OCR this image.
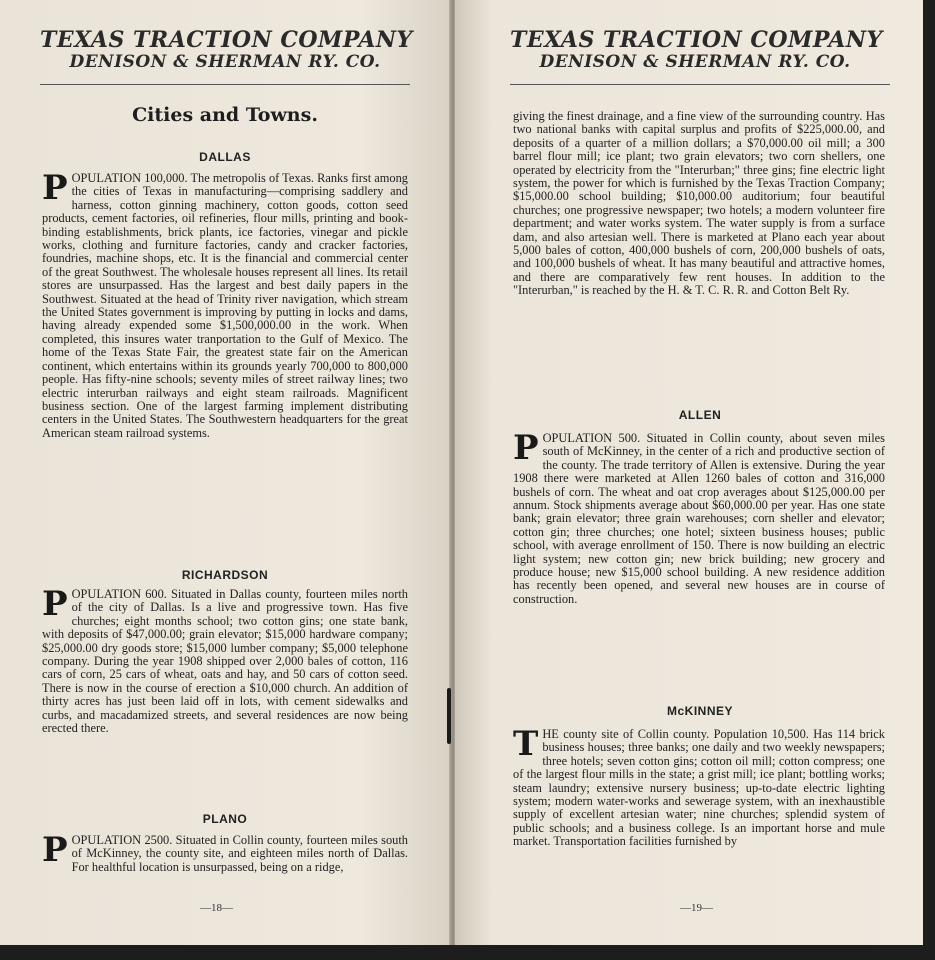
TEXAS TRACTION COMPANY
DENISON & SHERMAN RY. CO.
Cities and Towns.
DALLAS
POPULATION 100,000. The metropolis of Texas. Ranks first among the cities of Texas in manufacturing—comprising saddlery and harness, cotton ginning machinery, cotton goods, cotton seed products, cement factories, oil refineries, flour mills, printing and book-binding establishments, brick plants, ice factories, vinegar and pickle works, clothing and furniture factories, candy and cracker factories, foundries, machine shops, etc. It is the financial and commercial center of the great Southwest. The wholesale houses represent all lines. Its retail stores are unsurpassed. Has the largest and best daily papers in the Southwest. Situated at the head of Trinity river navigation, which stream the United States government is improving by putting in locks and dams, having already expended some $1,500,000.00 in the work. When completed, this insures water tranportation to the Gulf of Mexico. The home of the Texas State Fair, the greatest state fair on the American continent, which entertains within its grounds yearly 700,000 to 800,000 people. Has fifty-nine schools; seventy miles of street railway lines; two electric interurban railways and eight steam railroads. Magnificent business section. One of the largest farming implement distributing centers in the United States. The Southwestern headquarters for the great American steam railroad systems.
RICHARDSON
POPULATION 600. Situated in Dallas county, fourteen miles north of the city of Dallas. Is a live and progressive town. Has five churches; eight months school; two cotton gins; one state bank, with deposits of $47,000.00; grain elevator; $15,000 hardware company; $25,000.00 dry goods store; $15,000 lumber company; $5,000 telephone company. During the year 1908 shipped over 2,000 bales of cotton, 116 cars of corn, 25 cars of wheat, oats and hay, and 50 cars of cotton seed. There is now in the course of erection a $10,000 church. An addition of thirty acres has just been laid off in lots, with cement sidewalks and curbs, and macadamized streets, and several residences are now being erected there.
PLANO
POPULATION 2500. Situated in Collin county, fourteen miles south of McKinney, the county site, and eighteen miles north of Dallas. For healthful location is unsurpassed, being on a ridge,
—18—
TEXAS TRACTION COMPANY
DENISON & SHERMAN RY. CO.
giving the finest drainage, and a fine view of the surrounding country. Has two national banks with capital surplus and profits of $225,000.00, and deposits of a quarter of a million dollars; a $70,000.00 oil mill; a 300 barrel flour mill; ice plant; two grain elevators; two corn shellers, one operated by electricity from the "Interurban;" three gins; fine electric light system, the power for which is furnished by the Texas Traction Company; $15,000.00 school building; $10,000.00 auditorium; four beautiful churches; one progressive newspaper; two hotels; a modern volunteer fire department; and water works system. The water supply is from a surface dam, and also artesian well. There is marketed at Plano each year about 5,000 bales of cotton, 400,000 bushels of corn, 200,000 bushels of oats, and 100,000 bushels of wheat. It has many beautiful and attractive homes, and there are comparatively few rent houses. In addition to the "Interurban," is reached by the H. & T. C. R. R. and Cotton Belt Ry.
ALLEN
POPULATION 500. Situated in Collin county, about seven miles south of McKinney, in the center of a rich and productive section of the county. The trade territory of Allen is extensive. During the year 1908 there were marketed at Allen 1260 bales of cotton and 316,000 bushels of corn. The wheat and oat crop averages about $125,000.00 per annum. Stock shipments average about $60,000.00 per year. Has one state bank; grain elevator; three grain warehouses; corn sheller and elevator; cotton gin; three churches; one hotel; sixteen business houses; public school, with average enrollment of 150. There is now building an electric light system; new cotton gin; new brick building; new grocery and produce house; new $15,000 school building. A new residence addition has recently been opened, and several new houses are in course of construction.
McKINNEY
THE county site of Collin county. Population 10,500. Has 114 brick business houses; three banks; one daily and two weekly newspapers; three hotels; seven cotton gins; cotton oil mill; cotton compress; one of the largest flour mills in the state; a grist mill; ice plant; bottling works; steam laundry; extensive nursery business; up-to-date electric lighting system; modern water-works and sewerage system, with an inexhaustible supply of excellent artesian water; nine churches; splendid system of public schools; and a business college. Is an important horse and mule market. Transportation facilities furnished by
—19—
